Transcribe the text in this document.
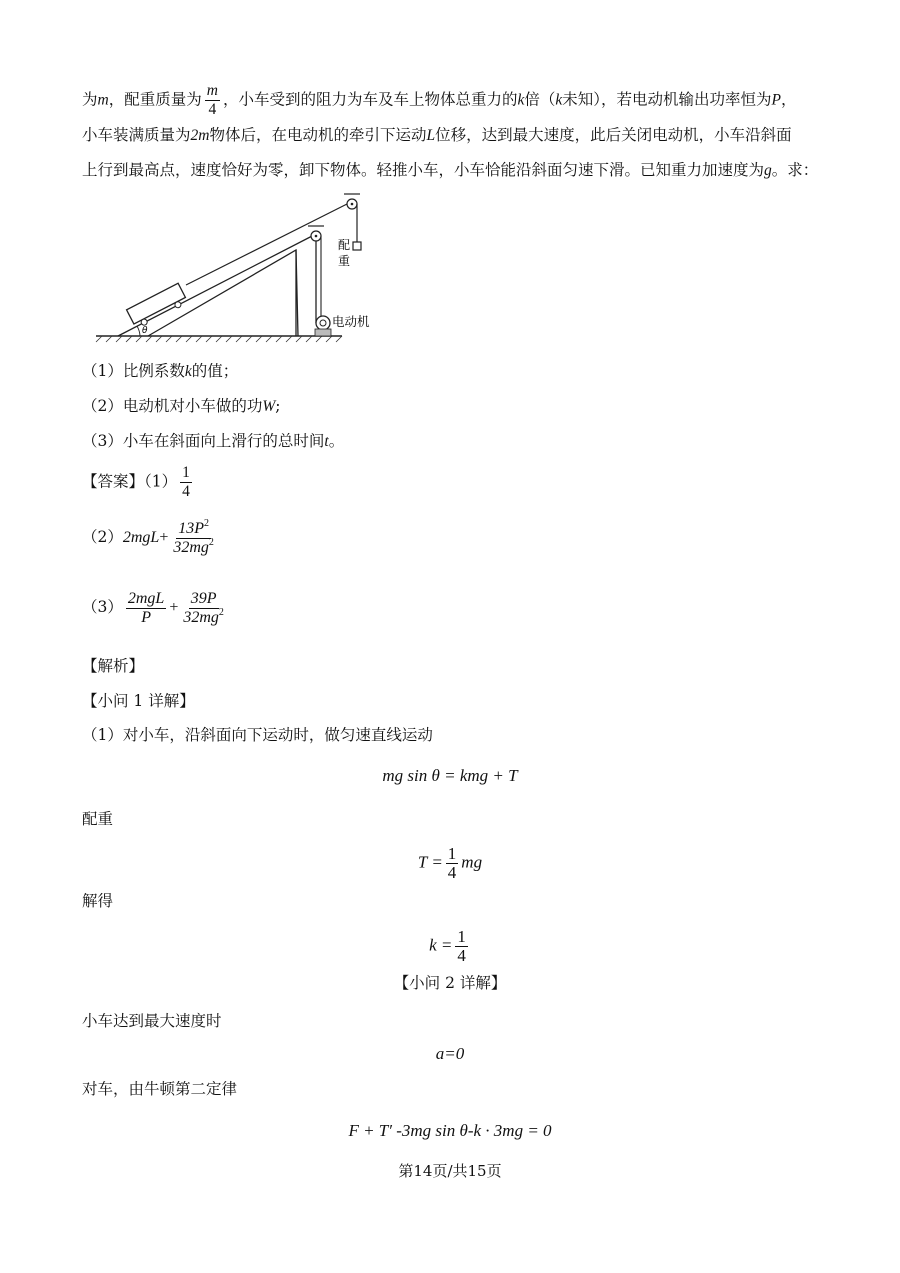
为m，配重质量为 $\frac{m}{4}$ ，小车受到的阻力为车及车上物体总重力的k倍（k未知），若电动机输出功率恒为P，
小车装满质量为2m物体后，在电动机的牵引下运动L位移，达到最大速度，此后关闭电动机，小车沿斜面
上行到最高点，速度恰好为零，卸下物体。轻推小车，小车恰能沿斜面匀速下滑。已知重力加速度为g。求：
θ
配
重
电动机
（1）比例系数k的值；
（2）电动机对小车做的功W;
（3）小车在斜面向上滑行的总时间t。
【答案】$(1) \frac{1}{4}$
$(2)2mgL+ \frac{13P^2}{32mg^2}$
$(3) \frac{\text{2mgL}}{P} + \frac{39P}{32mg^2}$
【解析】
【小问 1 详解】
（1）对小车，沿斜面向下运动时，做匀速直线运动
mg sin θ = kmg + T
配重
$T = \frac{1}{4}$ mg
解得
$k = \frac{1}{4}$
【小问 2 详解】
小车达到最大速度时
a=0
对车，由牛顿第二定律
F + T′ -3mg sin θ-k · 3mg = 0
第14页/共15页
